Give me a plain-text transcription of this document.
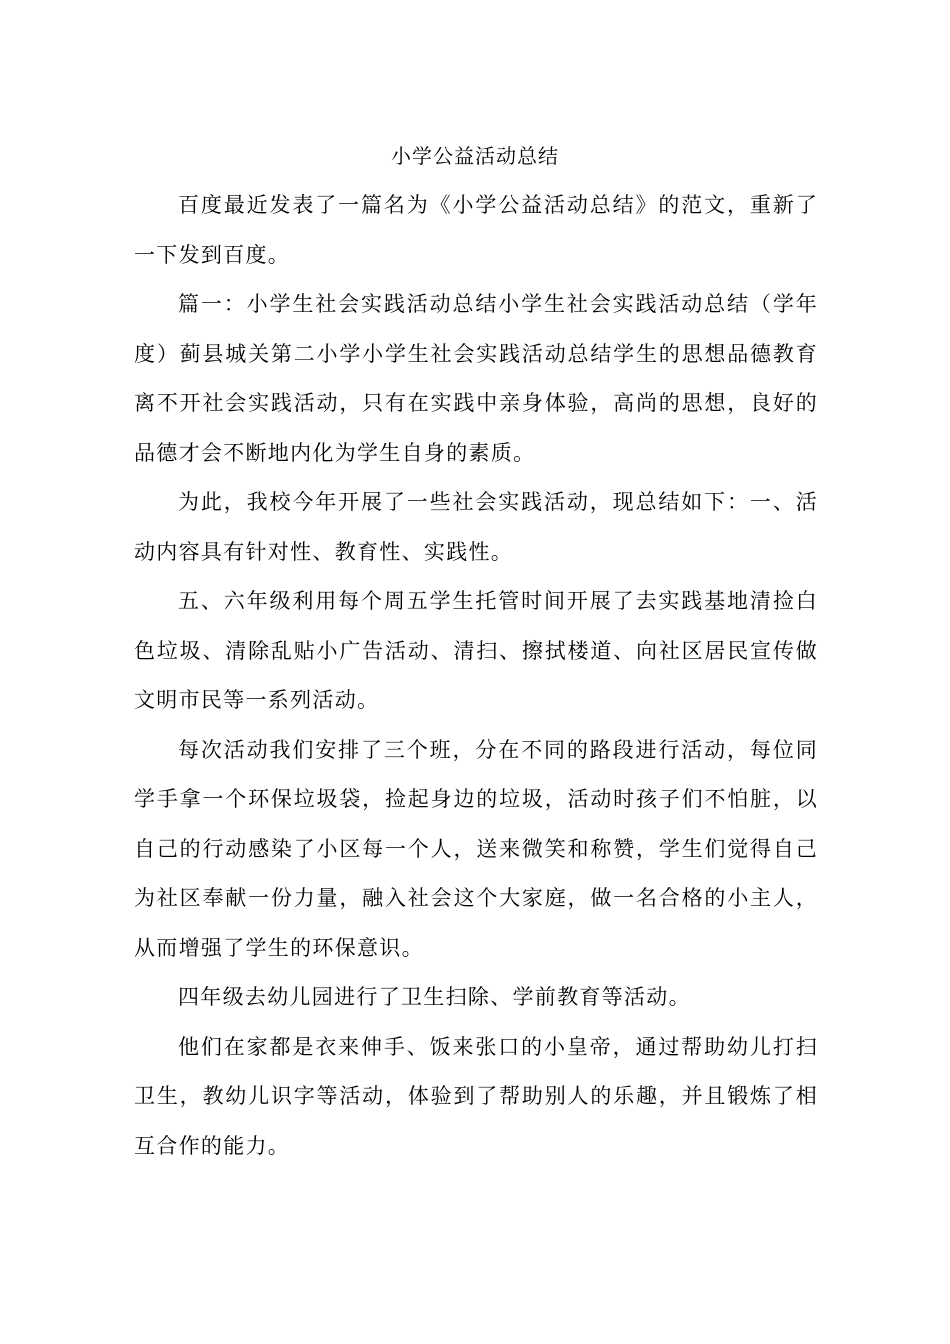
小学公益活动总结

百度最近发表了一篇名为《小学公益活动总结》的范文，重新了一下发到百度。

篇一：小学生社会实践活动总结小学生社会实践活动总结（学年度）蓟县城关第二小学小学生社会实践活动总结学生的思想品德教育离不开社会实践活动，只有在实践中亲身体验，高尚的思想，良好的品德才会不断地内化为学生自身的素质。

为此，我校今年开展了一些社会实践活动，现总结如下：一、活动内容具有针对性、教育性、实践性。

五、六年级利用每个周五学生托管时间开展了去实践基地清捡白色垃圾、清除乱贴小广告活动、清扫、擦拭楼道、向社区居民宣传做文明市民等一系列活动。

每次活动我们安排了三个班，分在不同的路段进行活动，每位同学手拿一个环保垃圾袋，捡起身边的垃圾，活动时孩子们不怕脏，以自己的行动感染了小区每一个人，送来微笑和称赞，学生们觉得自己为社区奉献一份力量，融入社会这个大家庭，做一名合格的小主人，从而增强了学生的环保意识。

四年级去幼儿园进行了卫生扫除、学前教育等活动。

他们在家都是衣来伸手、饭来张口的小皇帝，通过帮助幼儿打扫卫生，教幼儿识字等活动，体验到了帮助别人的乐趣，并且锻炼了相互合作的能力。
